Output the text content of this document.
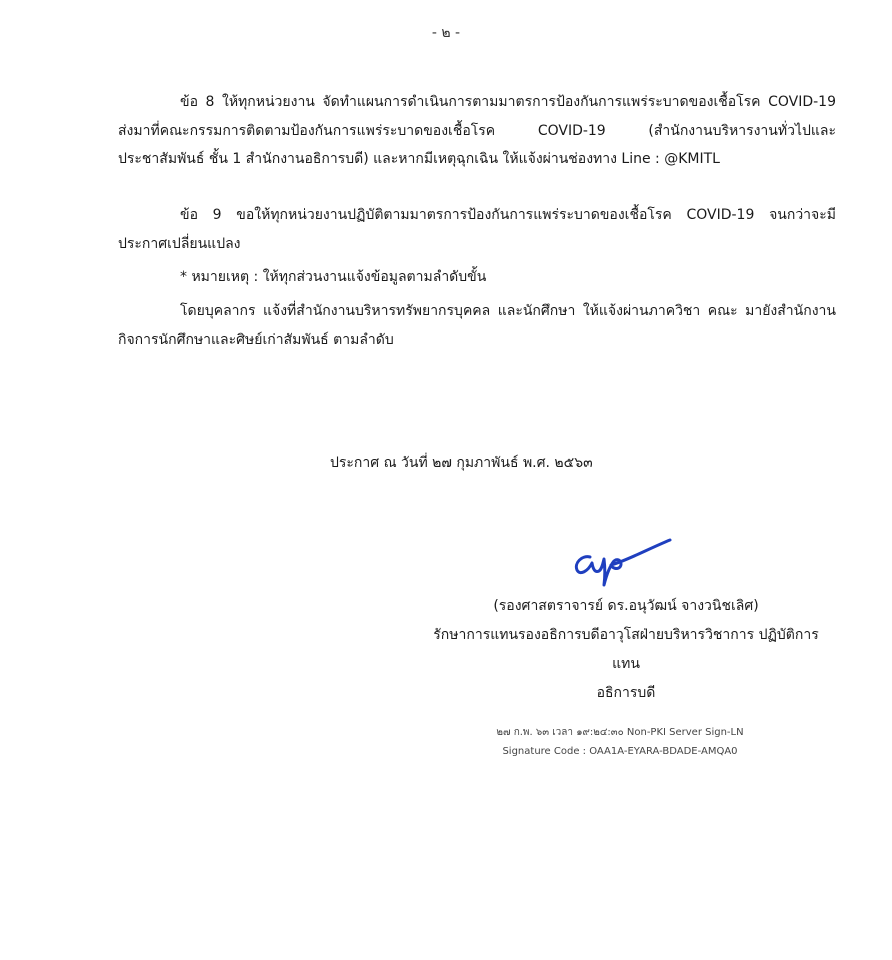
- ๒ -

ข้อ 8 ให้ทุกหน่วยงาน จัดทำแผนการดำเนินการตามมาตรการป้องกันการแพร่ระบาดของเชื้อโรค COVID-19 ส่งมาที่คณะกรรมการติดตามป้องกันการแพร่ระบาดของเชื้อโรค COVID-19 (สำนักงานบริหารงานทั่วไปและประชาสัมพันธ์ ชั้น 1 สำนักงานอธิการบดี) และหากมีเหตุฉุกเฉิน ให้แจ้งผ่านช่องทาง Line : @KMITL

ข้อ 9 ขอให้ทุกหน่วยงานปฏิบัติตามมาตรการป้องกันการแพร่ระบาดของเชื้อโรค COVID-19 จนกว่าจะมีประกาศเปลี่ยนแปลง

* หมายเหตุ : ให้ทุกส่วนงานแจ้งข้อมูลตามลำดับขั้น

โดยบุคลากร แจ้งที่สำนักงานบริหารทรัพยากรบุคคล และนักศึกษา ให้แจ้งผ่านภาควิชา คณะ มายังสำนักงานกิจการนักศึกษาและศิษย์เก่าสัมพันธ์ ตามลำดับ

ประกาศ ณ วันที่ ๒๗ กุมภาพันธ์ พ.ศ. ๒๕๖๓
(รองศาสตราจารย์ ดร.อนุวัฒน์ จางวนิชเลิศ)
รักษาการแทนรองอธิการบดีอาวุโสฝ่ายบริหารวิชาการ ปฏิบัติการ
แทน
อธิการบดี
๒๗ ก.พ. ๖๓ เวลา ๑๙:๒๔:๓๐ Non-PKI Server Sign-LN
Signature Code : OAA1A-EYARA-BDADE-AMQA0
